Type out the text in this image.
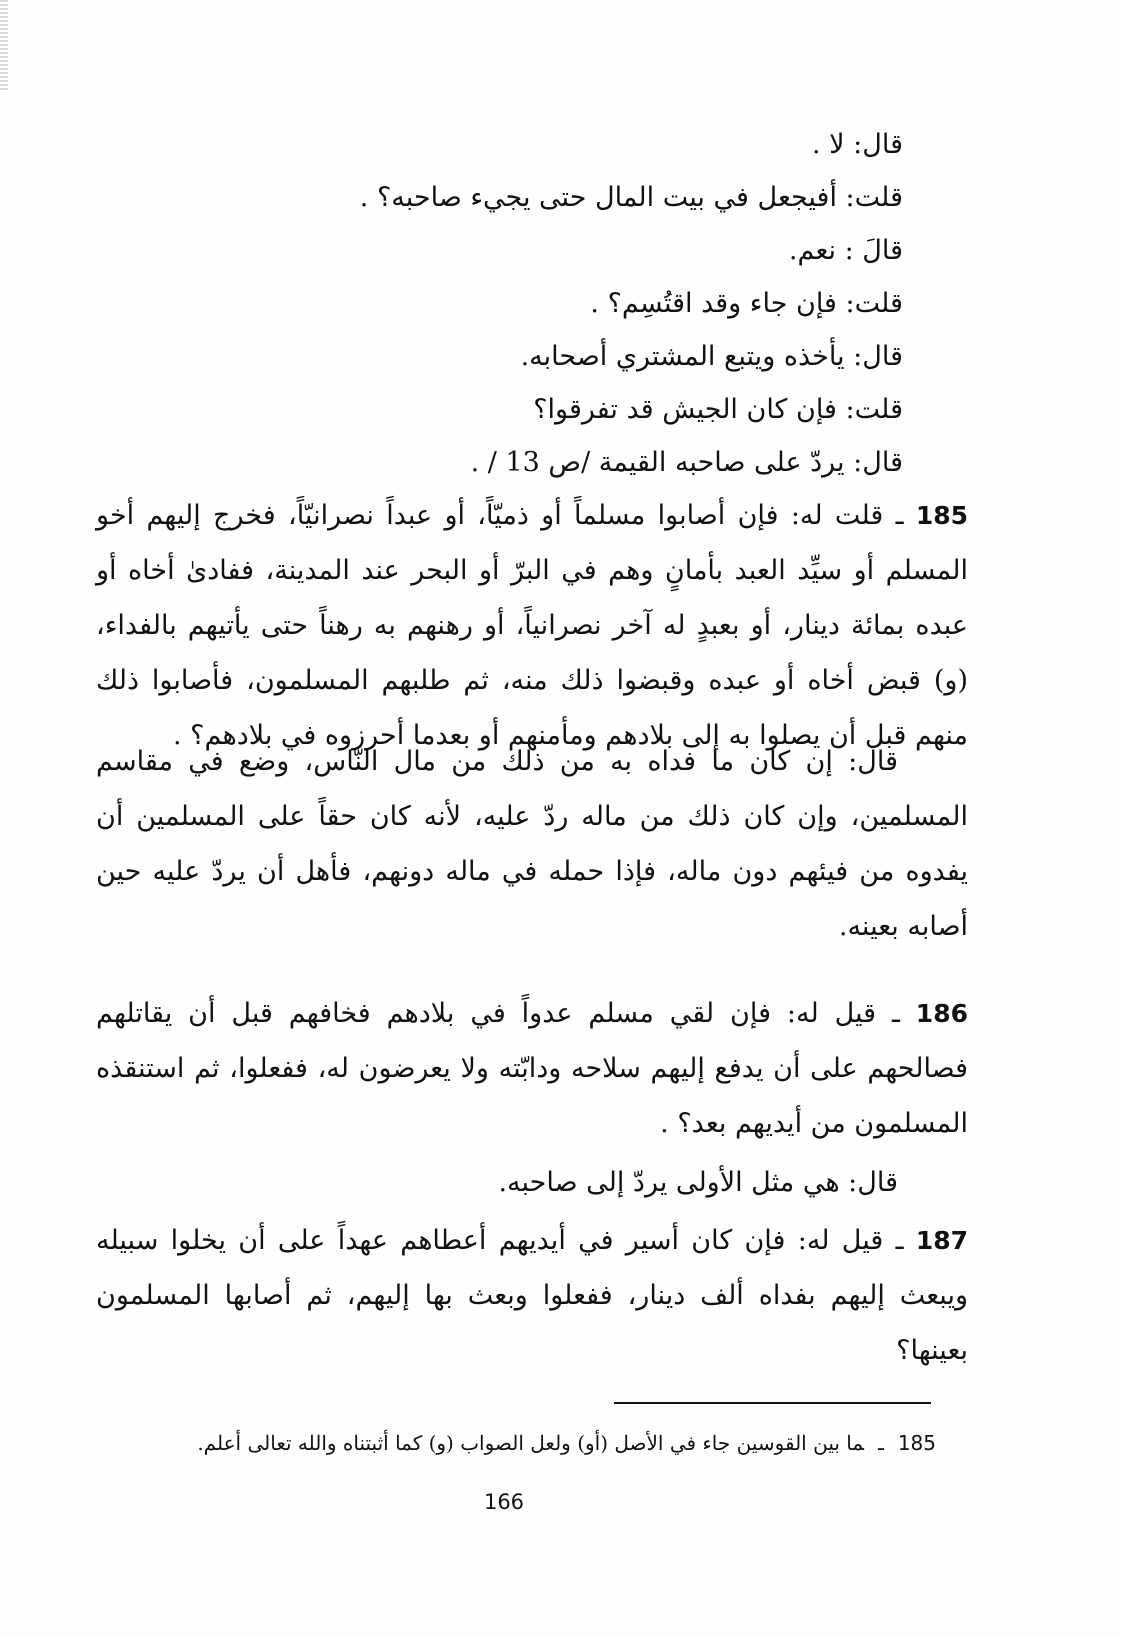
قال: لا .
قلت: أفيجعل في بيت المال حتى يجيء صاحبه؟ .
قالَ : نعم.
قلت: فإن جاء وقد اقتُسِم؟ .
قال: يأخذه ويتبع المشتري أصحابه.
قلت: فإن كان الجيش قد تفرقوا؟
قال: يردّ على صاحبه القيمة /ص 13 / .
185 ـ قلت له: فإن أصابوا مسلماً أو ذميّاً، أو عبداً نصرانيّاً، فخرج إليهم أخو المسلم أو سيِّد العبد بأمانٍ وهم في البرّ أو البحر عند المدينة، ففادىٰ أخاه أو عبده بمائة دينار، أو بعبدٍ له آخر نصرانياً، أو رهنهم به رهناً حتى يأتيهم بالفداء، (و) قبض أخاه أو عبده وقبضوا ذلك منه، ثم طلبهم المسلمون، فأصابوا ذلك منهم قبل أن يصلوا به إلى بلادهم ومأمنهم أو بعدما أحرزوه في بلادهم؟ .
قال: إن كان ما فداه به من ذلك من مال النّاس، وضع في مقاسم المسلمين، وإن كان ذلك من ماله ردّ عليه، لأنه كان حقاً على المسلمين أن يفدوه من فيئهم دون ماله، فإذا حمله في ماله دونهم، فأهل أن يردّ عليه حين أصابه بعينه.
186 ـ قيل له: فإن لقي مسلم عدواً في بلادهم فخافهم قبل أن يقاتلهم فصالحهم على أن يدفع إليهم سلاحه ودابّته ولا يعرضون له، ففعلوا، ثم استنقذه المسلمون من أيديهم بعد؟ .
قال: هي مثل الأولى يردّ إلى صاحبه.
187 ـ قيل له: فإن كان أسير في أيديهم أعطاهم عهداً على أن يخلوا سبيله ويبعث إليهم بفداه ألف دينار، ففعلوا وبعث بها إليهم، ثم أصابها المسلمون بعينها؟
185ـما بين القوسين جاء في الأصل (أو) ولعل الصواب (و) كما أثبتناه والله تعالى أعلم.
166
